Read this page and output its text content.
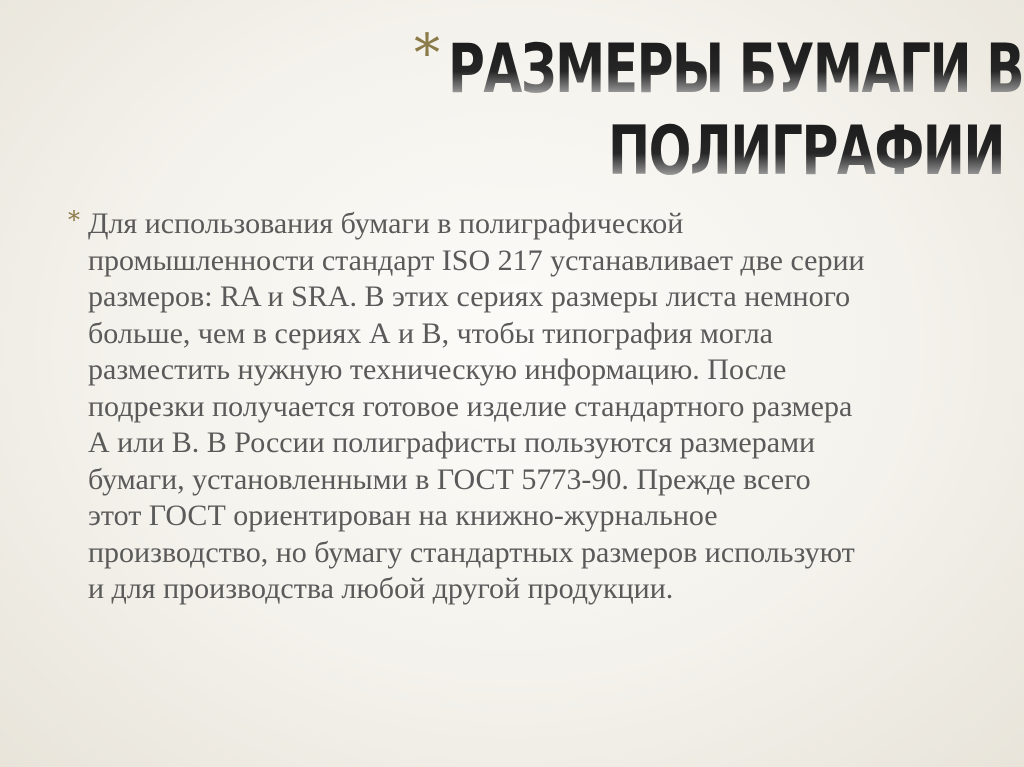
* РАЗМЕРЫ БУМАГИ В
ПОЛИГРАФИИ
* Для использования бумаги в полиграфической
промышленности стандарт ISO 217 устанавливает две серии
размеров: RA и SRA. В этих сериях размеры листа немного
больше, чем в сериях А и В, чтобы типография могла
разместить нужную техническую информацию. После
подрезки получается готовое изделие стандартного размера
А или В. В России полиграфисты пользуются размерами
бумаги, установленными в ГОСТ 5773-90. Прежде всего
этот ГОСТ ориентирован на книжно-журнальное
производство, но бумагу стандартных размеров используют
и для производства любой другой продукции.
